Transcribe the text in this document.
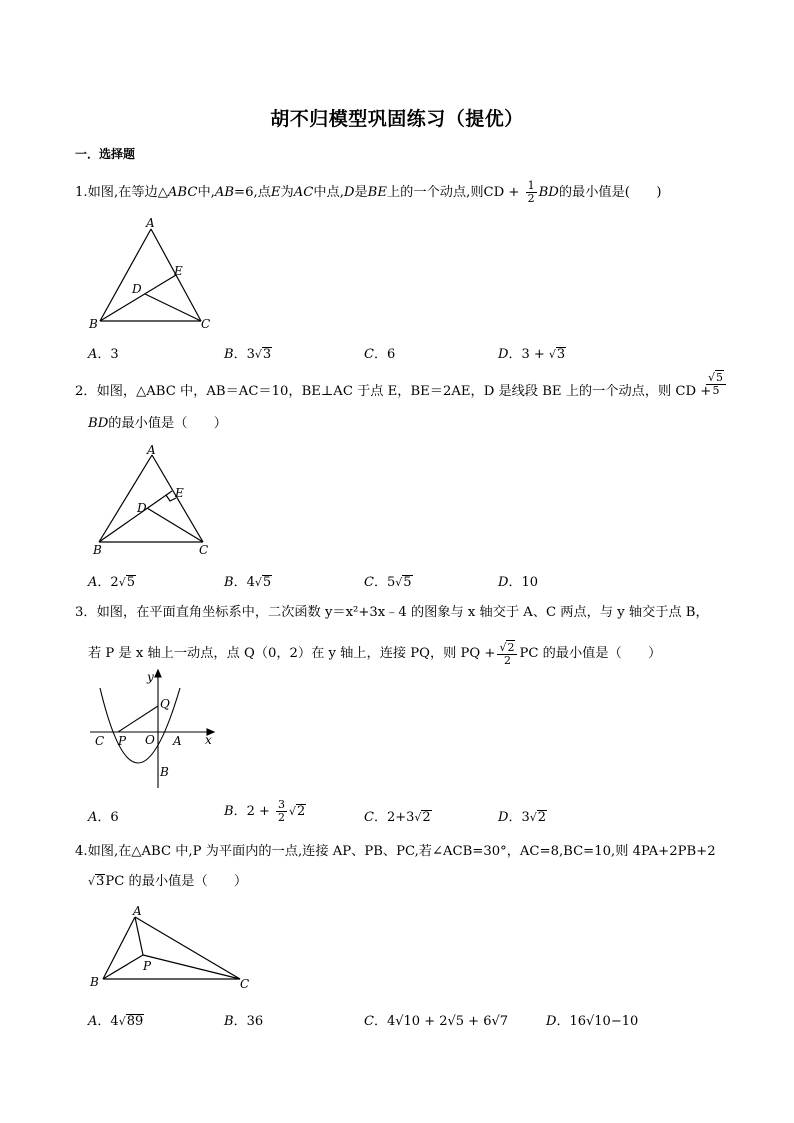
胡不归模型巩固练习（提优）
一．选择题
1.如图,在等边△ABC中,AB=6,点E为AC中点,D是BE上的一个动点,则CD + $\frac{1}{2}$ BD的最小值是(　　)
A
B	C
D
E
A．3	B．3√3	C．6	D．3 + √3
2．如图，△ABC 中，AB＝AC＝10，BE⊥AC 于点 E，BE＝2AE，D 是线段 BE 上的一个动点，则 CD +
$\frac{√5}{5}$
BD的最小值是（　　）
A
B	C
D
E
A．2√5	B．4√5	C．5√5	D．10
3．如图，在平面直角坐标系中，二次函数 y＝x²+3x﹣4 的图象与 x 轴交于 A、C 两点，与 y 轴交于点 B，
若 P 是 x 轴上一动点，点 Q（0，2）在 y 轴上，连接 PQ，则 PQ + $\frac{√2}{2}$ PC 的最小值是（　　）
y
x
Q
C P O A
B
A．6	B．$2 + \frac{3}{2} √2$	C．2+3√2	D．3√2
4.如图,在△ABC 中,P 为平面内的一点,连接 AP、PB、PC,若∠ACB=30°，AC=8,BC=10,则 4PA+2PB+2
√3PC 的最小值是（　　）
A
B	C
P
A．4√89	B．36	C．4√10 + 2√5 + 6√7	D．16√10−10
